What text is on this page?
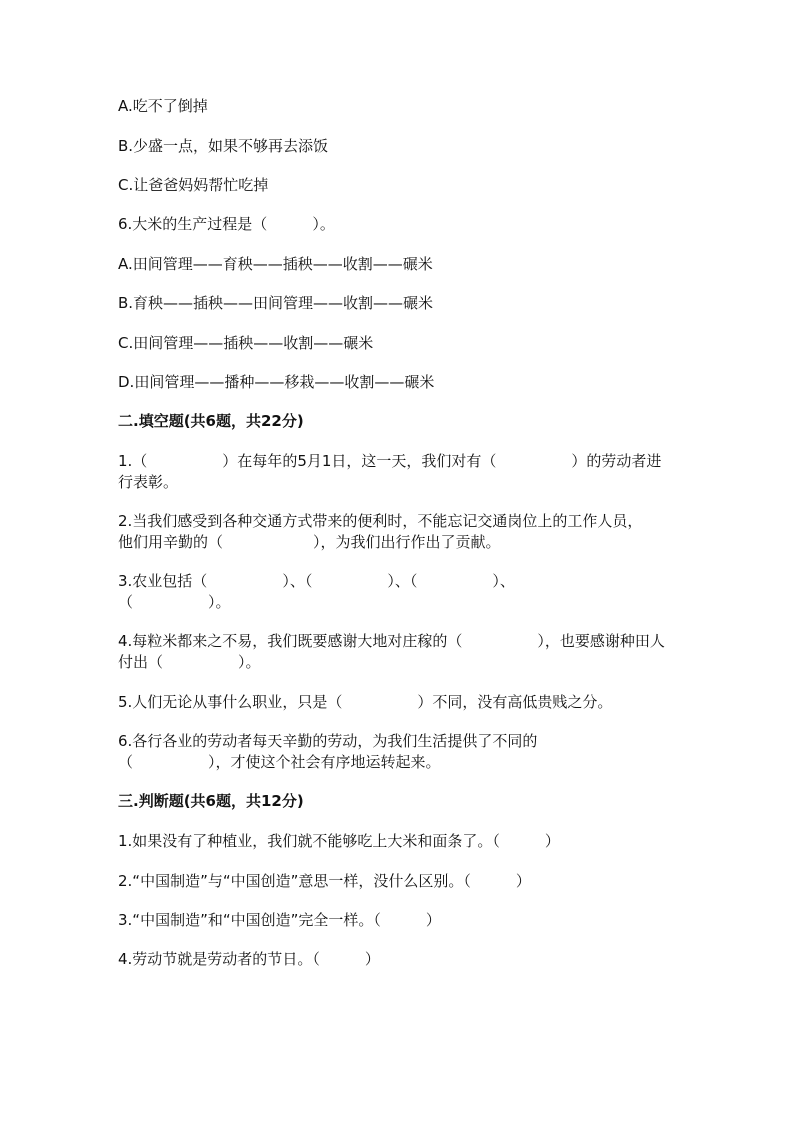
A.吃不了倒掉
B.少盛一点，如果不够再去添饭
C.让爸爸妈妈帮忙吃掉
6.大米的生产过程是（　　　）。
A.田间管理——育秧——插秧——收割——碾米
B.育秧——插秧——田间管理——收割——碾米
C.田间管理——插秧——收割——碾米
D.田间管理——播种——移栽——收割——碾米
二.填空题(共6题，共22分)
1.（　　　　　）在每年的5月1日，这一天，我们对有（　　　　　）的劳动者进行表彰。
2.当我们感受到各种交通方式带来的便利时，不能忘记交通岗位上的工作人员，他们用辛勤的（　　　　　　），为我们出行作出了贡献。
3.农业包括（　　　　　）、（　　　　　）、（　　　　　）、（　　　　　）。
4.每粒米都来之不易，我们既要感谢大地对庄稼的（　　　　　），也要感谢种田人付出（　　　　　）。
5.人们无论从事什么职业，只是（　　　　　）不同，没有高低贵贱之分。
6.各行各业的劳动者每天辛勤的劳动，为我们生活提供了不同的（　　　　　），才使这个社会有序地运转起来。
三.判断题(共6题，共12分)
1.如果没有了种植业，我们就不能够吃上大米和面条了。（　　　）
2.“中国制造”与“中国创造”意思一样，没什么区别。（　　　）
3.“中国制造”和“中国创造”完全一样。（　　　）
4.劳动节就是劳动者的节日。（　　　）
